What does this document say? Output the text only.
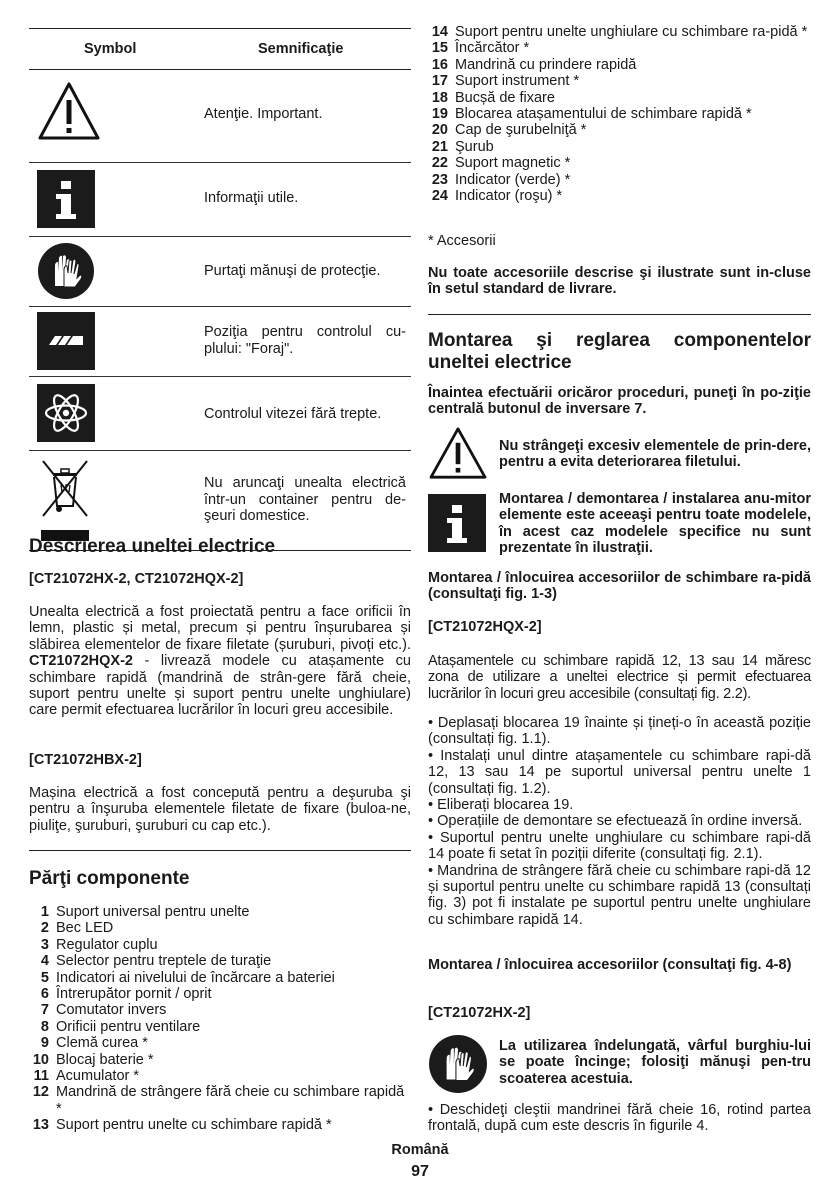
Symbol	Semnificaţie
Atenţie. Important.
Informaţii utile.
Purtaţi mănuşi de protecţie.
Poziţia pentru controlul cu-plului: "Foraj".
Controlul vitezei fără trepte.
Nu aruncaţi unealta electrică într-un container pentru de-şeuri domestice.
Descrierea uneltei electrice
[CT21072HX-2, CT21072HQX-2]
Unealta electrică a fost proiectată pentru a face orificii în lemn, plastic și metal, precum și pentru înșurubarea și slăbirea elementelor de fixare filetate (șuruburi, pivoți etc.). CT21072HQX-2 - livrează modele cu atașamente cu schimbare rapidă (mandrină de strân-gere fără cheie, suport pentru unelte și suport pentru unelte unghiulare) care permit efectuarea lucrărilor în locuri greu accesibile.
[CT21072HBX-2]
Mașina electrică a fost concepută pentru a deşuruba şi pentru a înşuruba elementele filetate de fixare (buloa-ne, piuliţe, şuruburi, şuruburi cu cap etc.).
Părţi componente
1 Suport universal pentru unelte
2 Bec LED
3 Regulator cuplu
4 Selector pentru treptele de turaţie
5 Indicatori ai nivelului de încărcare a bateriei
6 Întrerupător pornit / oprit
7 Comutator invers
8 Orificii pentru ventilare
9 Clemă curea *
10 Blocaj baterie *
11 Acumulator *
12 Mandrină de strângere fără cheie cu schimbare rapidă *
13 Suport pentru unelte cu schimbare rapidă *
14 Suport pentru unelte unghiulare cu schimbare ra-pidă *
15 Încărcător *
16 Mandrină cu prindere rapidă
17 Suport instrument *
18 Bucșă de fixare
19 Blocarea atașamentului de schimbare rapidă *
20 Cap de şurubelniţă *
21 Şurub
22 Suport magnetic *
23 Indicator (verde) *
24 Indicator (roşu) *
* Accesorii
Nu toate accesoriile descrise şi ilustrate sunt in-cluse în setul standard de livrare.
Montarea şi reglarea componentelor uneltei electrice
Înaintea efectuării oricăror proceduri, puneţi în po-ziţie centrală butonul de inversare 7.
Nu strângeţi excesiv elementele de prin-dere, pentru a evita deteriorarea filetului.
Montarea / demontarea / instalarea anu-mitor elemente este aceeaşi pentru toate modelele, în acest caz modelele specifice nu sunt prezentate în ilustraţii.
Montarea / înlocuirea accesoriilor de schimbare ra-pidă (consultaţi fig. 1-3)
[CT21072HQX-2]
Atașamentele cu schimbare rapidă 12, 13 sau 14 măresc zona de utilizare a uneltei electrice și permit efectuarea lucrărilor în locuri greu accesibile (consultați fig. 2.2).
• Deplasați blocarea 19 înainte și țineți-o în această poziție (consultați fig. 1.1).
• Instalați unul dintre atașamentele cu schimbare rapi-dă 12, 13 sau 14 pe suportul universal pentru unelte 1 (consultați fig. 1.2).
• Eliberați blocarea 19.
• Operațiile de demontare se efectuează în ordine inversă.
• Suportul pentru unelte unghiulare cu schimbare rapi-dă 14 poate fi setat în poziții diferite (consultați fig. 2.1).
• Mandrina de strângere fără cheie cu schimbare rapi-dă 12 și suportul pentru unelte cu schimbare rapidă 13 (consultați fig. 3) pot fi instalate pe suportul pentru unelte unghiulare cu schimbare rapidă 14.
Montarea / înlocuirea accesoriilor (consultaţi fig. 4-8)
[CT21072HX-2]
La utilizarea îndelungată, vârful burghiu-lui se poate încinge; folosiţi mănuşi pen-tru scoaterea acestuia.
• Deschideţi cleştii mandrinei fără cheie 16, rotind partea frontală, după cum este descris în figurile 4.
Română
97
